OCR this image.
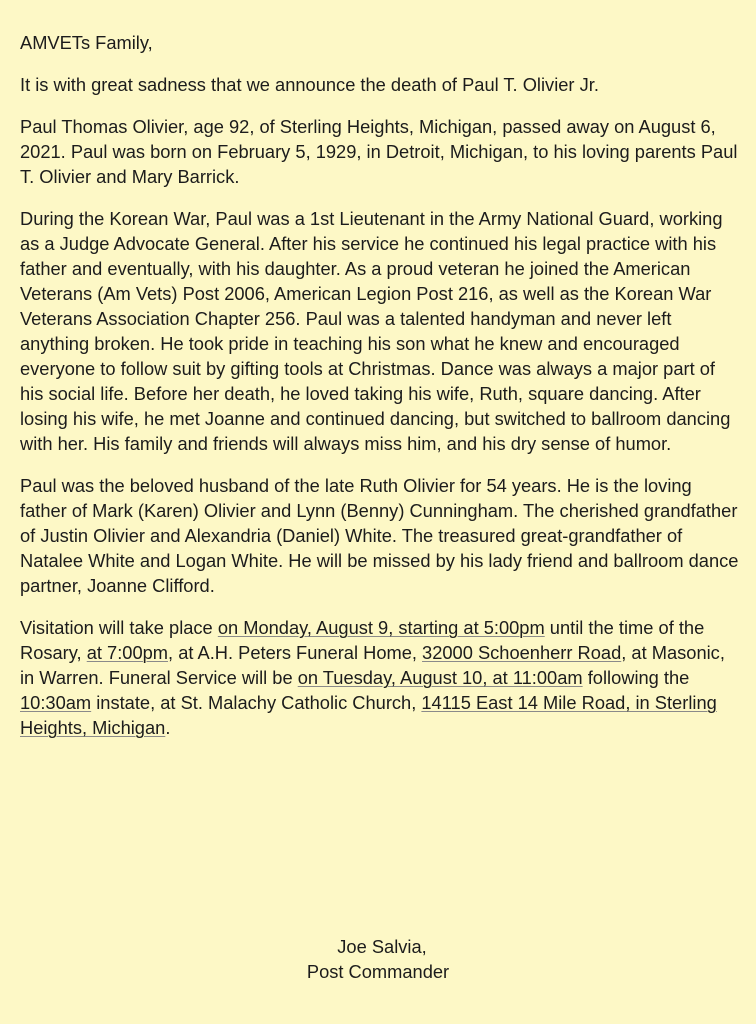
AMVETs Family,

It is with great sadness that we announce the death of Paul T. Olivier Jr.

Paul Thomas Olivier, age 92, of Sterling Heights, Michigan, passed away on August 6, 2021. Paul was born on February 5, 1929, in Detroit, Michigan, to his loving parents Paul T. Olivier and Mary Barrick.

During the Korean War, Paul was a 1st Lieutenant in the Army National Guard, working as a Judge Advocate General. After his service he continued his legal practice with his father and eventually, with his daughter. As a proud veteran he joined the American Veterans (Am Vets) Post 2006, American Legion Post 216, as well as the Korean War Veterans Association Chapter 256. Paul was a talented handyman and never left anything broken. He took pride in teaching his son what he knew and encouraged everyone to follow suit by gifting tools at Christmas. Dance was always a major part of his social life. Before her death, he loved taking his wife, Ruth, square dancing. After losing his wife, he met Joanne and continued dancing, but switched to ballroom dancing with her. His family and friends will always miss him, and his dry sense of humor.

Paul was the beloved husband of the late Ruth Olivier for 54 years. He is the loving father of Mark (Karen) Olivier and Lynn (Benny) Cunningham. The cherished grandfather of Justin Olivier and Alexandria (Daniel) White. The treasured great-grandfather of Natalee White and Logan White. He will be missed by his lady friend and ballroom dance partner, Joanne Clifford.

Visitation will take place on Monday, August 9, starting at 5:00pm until the time of the Rosary, at 7:00pm, at A.H. Peters Funeral Home, 32000 Schoenherr Road, at Masonic, in Warren. Funeral Service will be on Tuesday, August 10, at 11:00am following the 10:30am instate, at St. Malachy Catholic Church, 14115 East 14 Mile Road, in Sterling Heights, Michigan.

Joe Salvia,
Post Commander
